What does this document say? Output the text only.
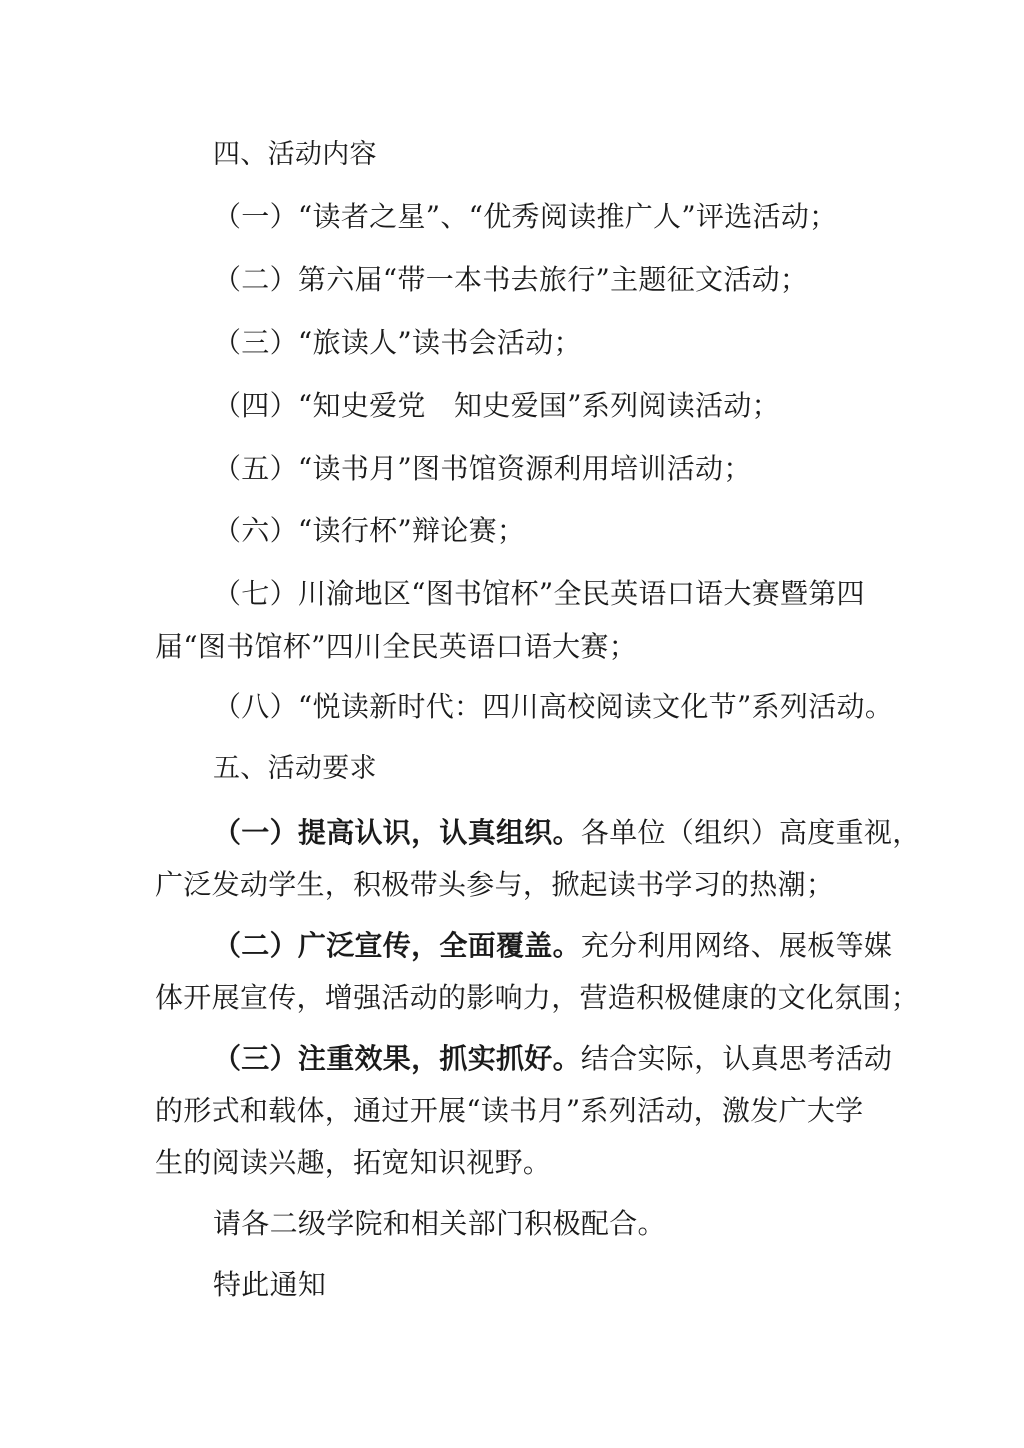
四、活动内容
（一）“读者之星”、“优秀阅读推广人”评选活动；
（二）第六届“带一本书去旅行”主题征文活动；
（三）“旅读人”读书会活动；
（四）“知史爱党　知史爱国”系列阅读活动；
（五）“读书月”图书馆资源利用培训活动；
（六）“读行杯”辩论赛；
（七）川渝地区“图书馆杯”全民英语口语大赛暨第四
届“图书馆杯”四川全民英语口语大赛；
（八）“悦读新时代：四川高校阅读文化节”系列活动。
五、活动要求
（一）提高认识，认真组织。各单位（组织）高度重视，
广泛发动学生，积极带头参与，掀起读书学习的热潮；
（二）广泛宣传，全面覆盖。充分利用网络、展板等媒
体开展宣传，增强活动的影响力，营造积极健康的文化氛围；
（三）注重效果，抓实抓好。结合实际，认真思考活动
的形式和载体，通过开展“读书月”系列活动，激发广大学
生的阅读兴趣，拓宽知识视野。
请各二级学院和相关部门积极配合。
特此通知
